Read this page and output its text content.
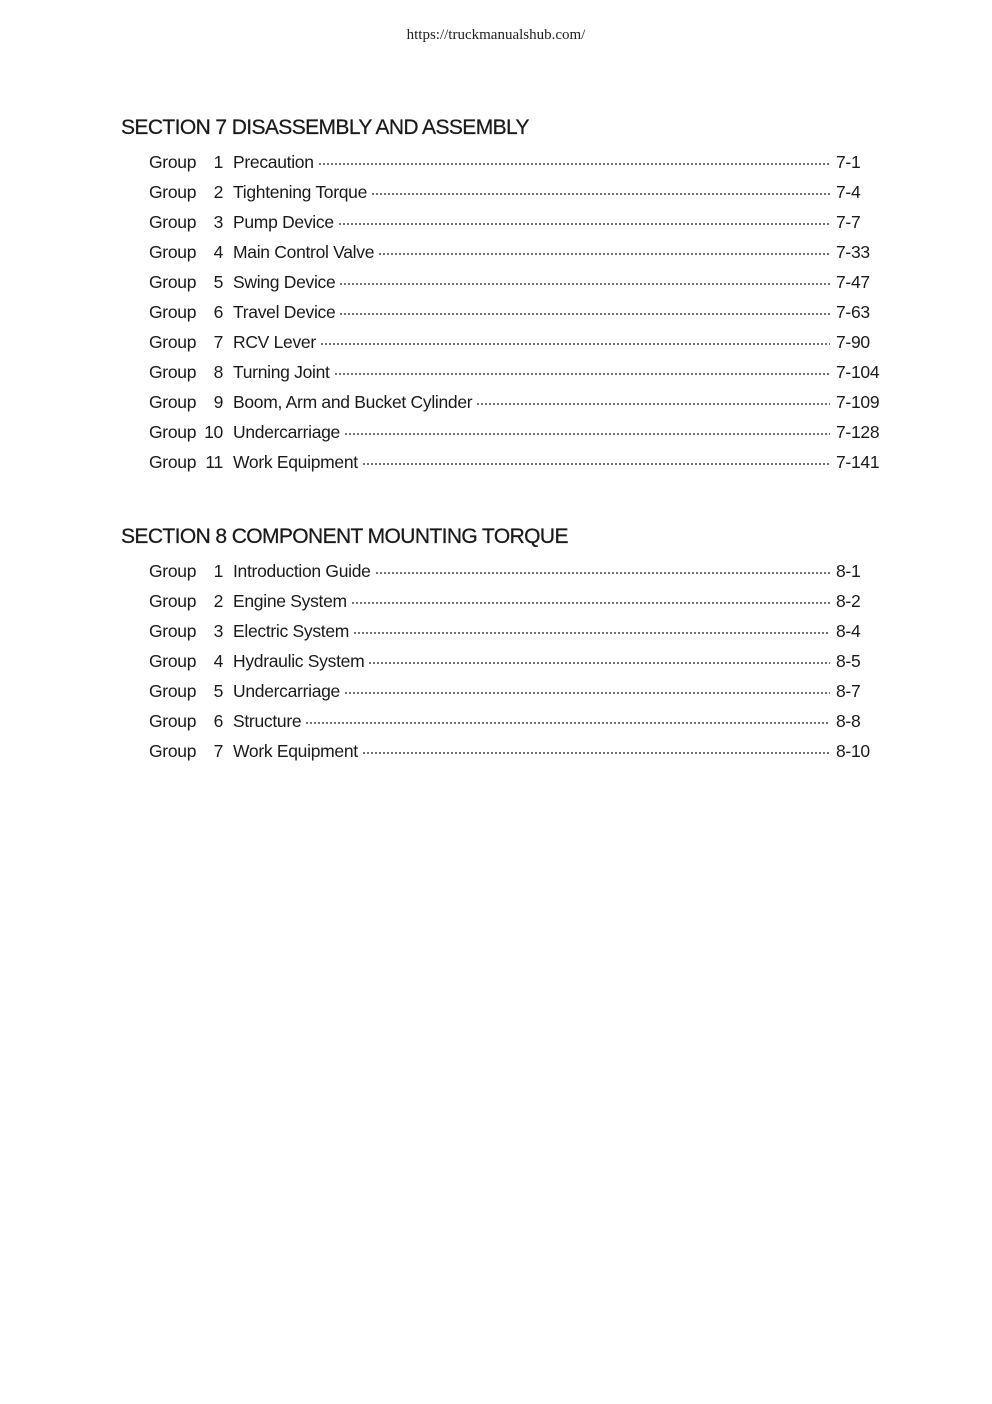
https://truckmanualshub.com/
SECTION 7 DISASSEMBLY AND ASSEMBLY
Group 1 Precaution	7-1
Group 2 Tightening Torque	7-4
Group 3 Pump Device	7-7
Group 4 Main Control Valve	7-33
Group 5 Swing Device	7-47
Group 6 Travel Device	7-63
Group 7 RCV Lever	7-90
Group 8 Turning Joint	7-104
Group 9 Boom, Arm and Bucket Cylinder	7-109
Group 10 Undercarriage	7-128
Group 11 Work Equipment	7-141
SECTION 8 COMPONENT MOUNTING TORQUE
Group 1 Introduction Guide	8-1
Group 2 Engine System	8-2
Group 3 Electric System	8-4
Group 4 Hydraulic System	8-5
Group 5 Undercarriage	8-7
Group 6 Structure	8-8
Group 7 Work Equipment	8-10
